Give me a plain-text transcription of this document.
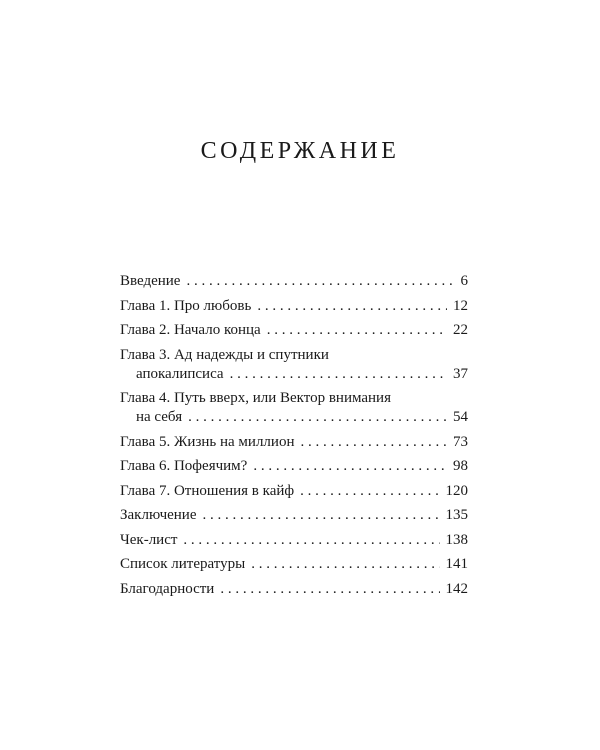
СОДЕРЖАНИЕ
Введение . . .	6
Глава 1. Про любовь . . .	12
Глава 2. Начало конца . . .	22
Глава 3. Ад надежды и спутники
апокалипсиса . . .	37
Глава 4. Путь вверх, или Вектор внимания
на себя . . .	54
Глава 5. Жизнь на миллион . . .	73
Глава 6. Пофеячим? . . .	98
Глава 7. Отношения в кайф . . .	120
Заключение . . .	135
Чек-лист . . .	138
Список литературы . . .	141
Благодарности . . .	142
